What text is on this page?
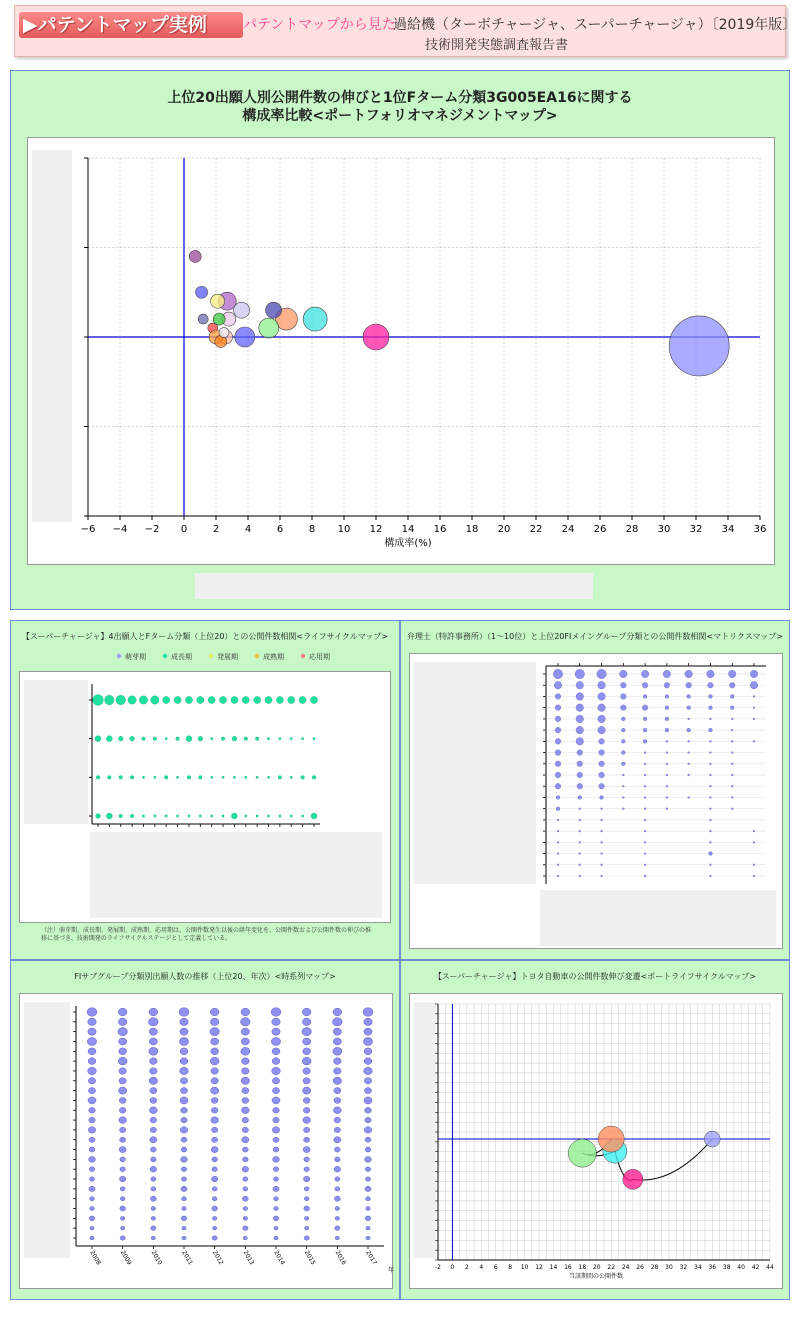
▶パテントマップ実例	パテントマップから見た
過給機（ターボチャージャ、スーパーチャージャ）〔2019年版〕
技術開発実態調査報告書
上位20出願人別公開件数の伸びと1位Fターム分類3G005EA16に関する
構成率比較<ポートフォリオマネジメントマップ>
−6 −4 −2 0	2	4	6	8 10 12 14 16 18 20 22 24 26 28 30 32 34 36
構成率(%)
【スーパーチャージャ】4出願人とFターム分類（上位20）との公開件数相関<ライフサイクルマップ>
萌芽期	成長期	発展期	成熟期	応用期
（注）萌芽期、成長期、発展期、成熟期、応用期は、公開件数発生以後の経年変化を、公開件数および公開件数の伸びの推移に基づき、技術開発のライフサイクルステージとして定義している。
弁理士（特許事務所）（1～10位）と上位20FIメイングループ分類との公開件数相関<マトリクスマップ>
FIサブグループ分類別出願人数の推移（上位20、年次）<時系列マップ>
2008	2009	2010	2011	2012	2013	2014	2015	2016	2017
年
【スーパーチャージャ】トヨタ自動車の公開件数伸び変遷<ポートライフサイクルマップ>
-2 0 2 4 6 8 10 12 14 16 18 20 22 24 26 28 30 32 34 36 38 40 42 44
当該期間の公開件数
